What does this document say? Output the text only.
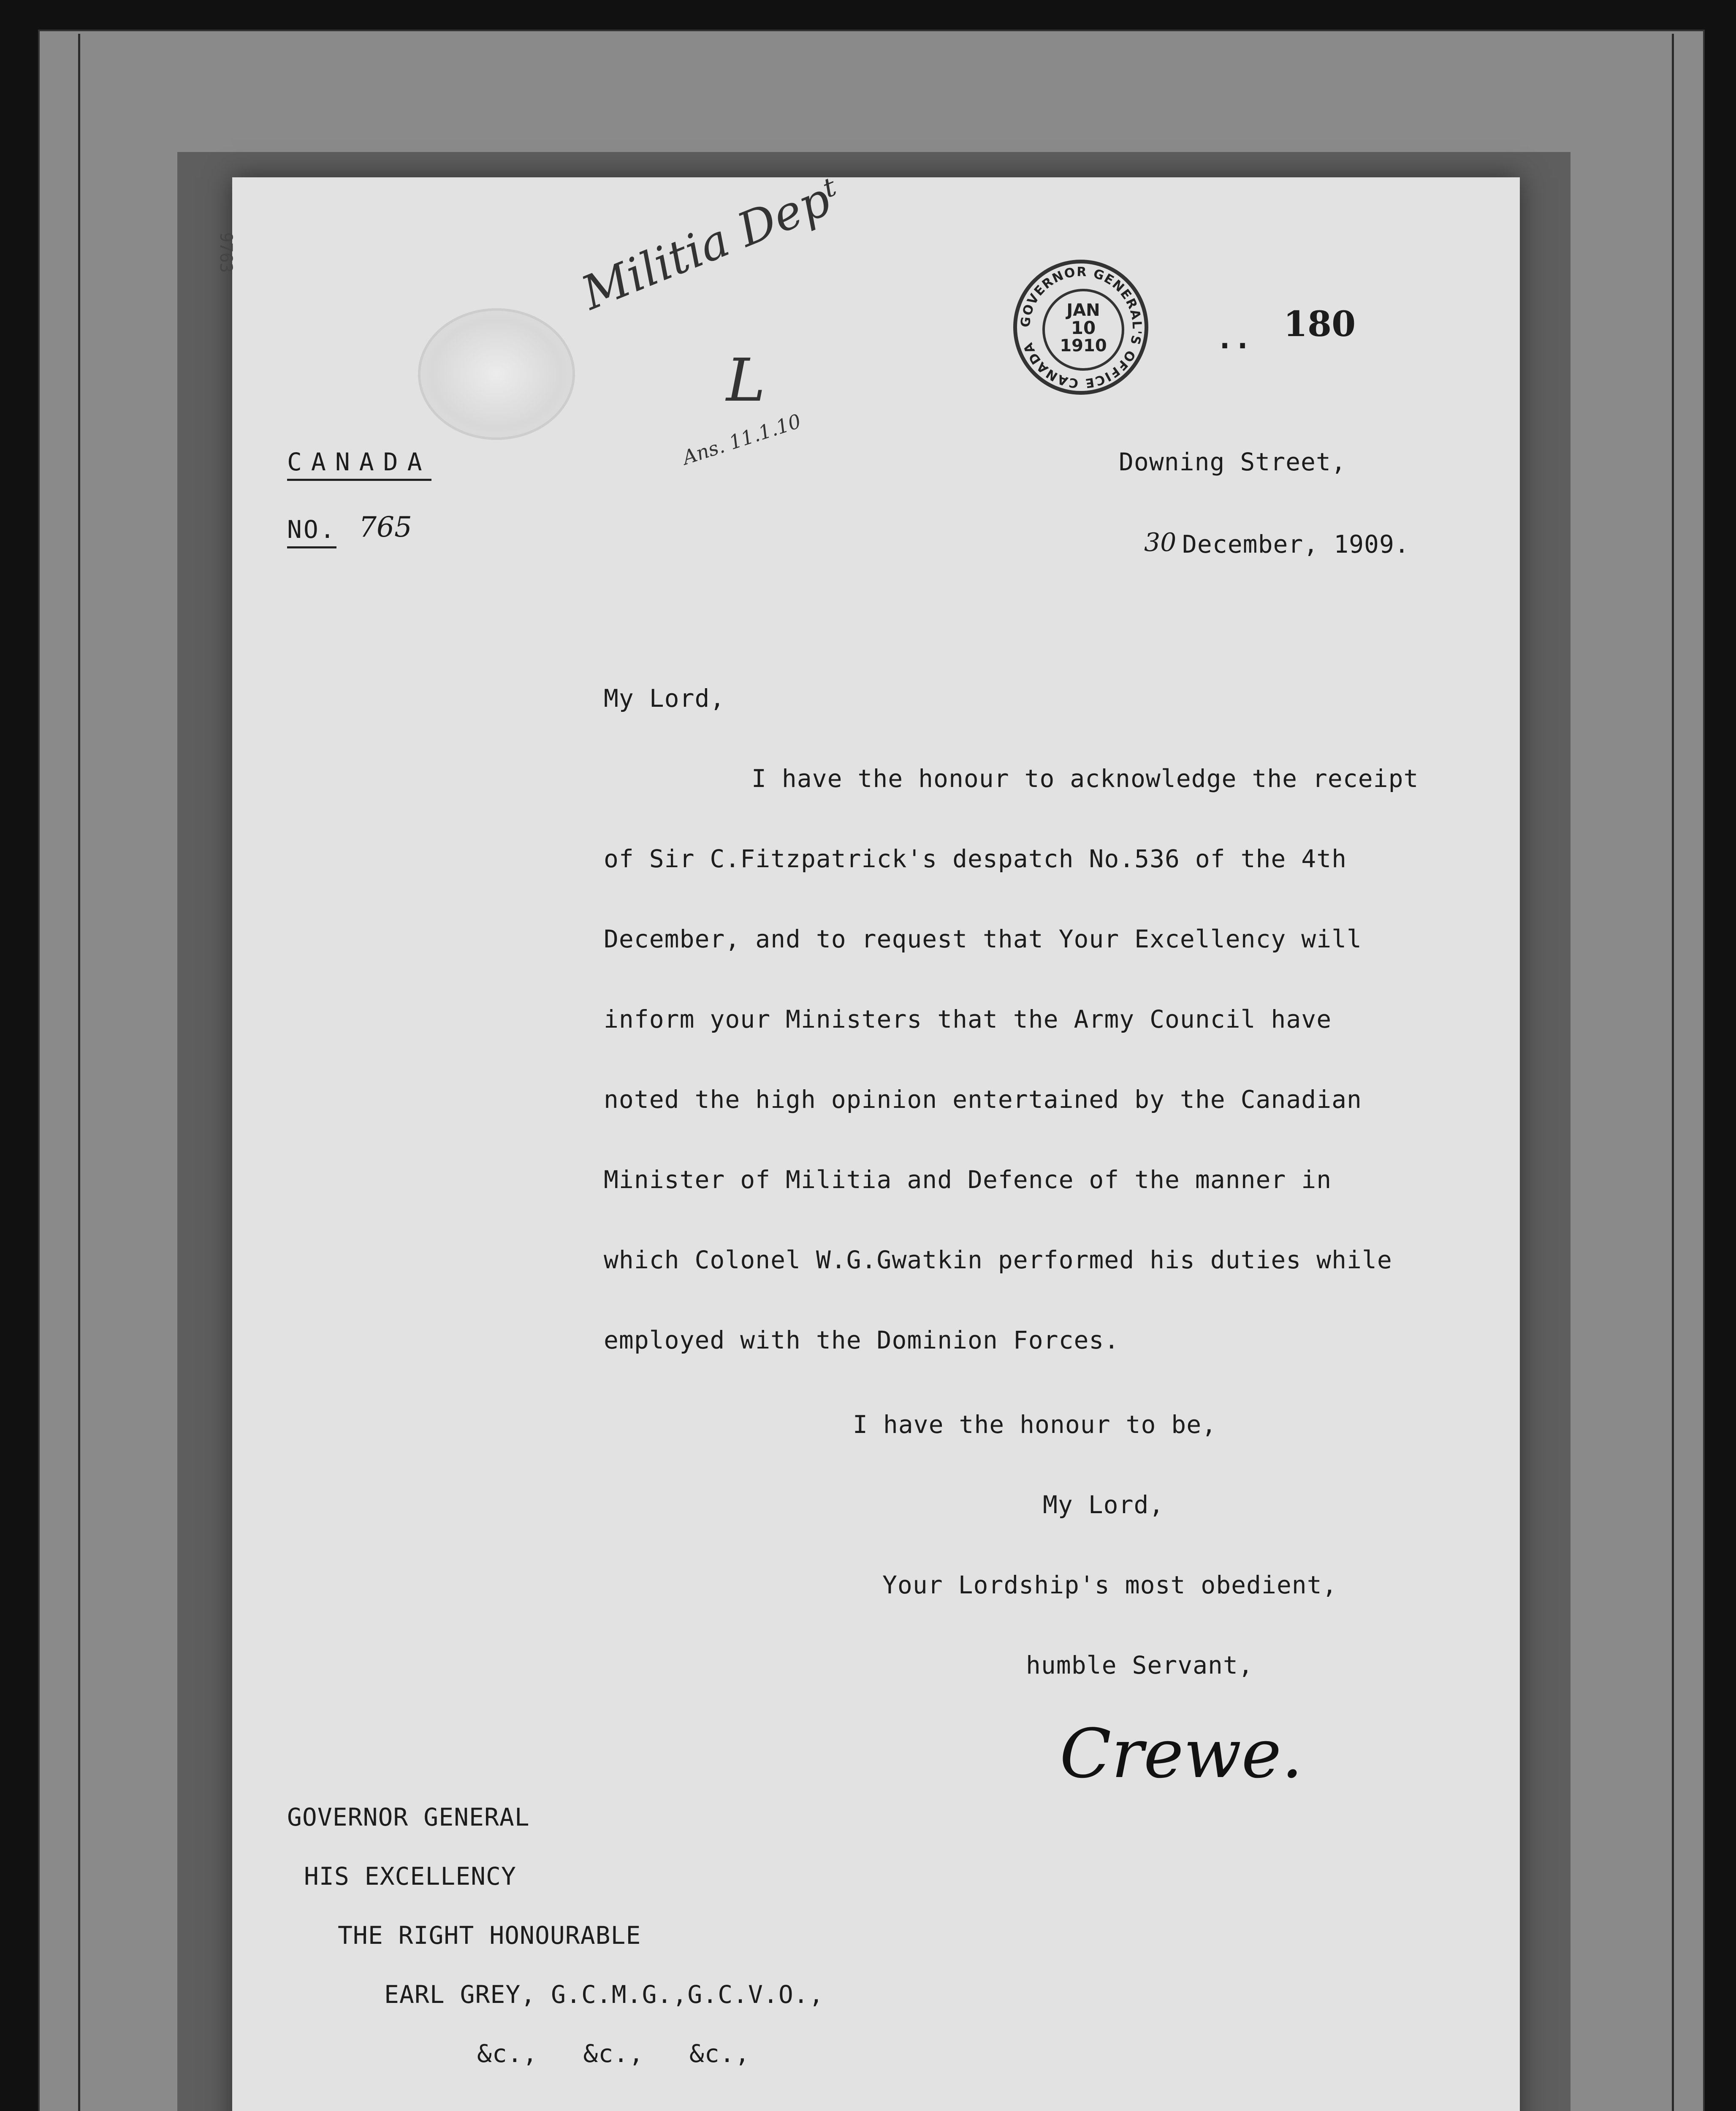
9763	Militia Depᵗ
L
Ans. 11.1.10
GOVERNOR GENERAL'S OFFICE CANADA
JAN
10
1910	.. 180
CANADA
NO. 765
Downing Street,
30 December, 1909.
My Lord,
I have the honour to acknowledge the receipt
of Sir C.Fitzpatrick's despatch No.536 of the 4th
December, and to request that Your Excellency will
inform your Ministers that the Army Council have
noted the high opinion entertained by the Canadian
Minister of Militia and Defence of the manner in
which Colonel W.G.Gwatkin performed his duties while
employed with the Dominion Forces.
I have the honour to be,
My Lord,
Your Lordship's most obedient,
humble Servant,
Crewe.
GOVERNOR GENERAL
HIS EXCELLENCY
THE RIGHT HONOURABLE
EARL GREY, G.C.M.G.,G.C.V.O.,
&c.,   &c.,   &c.,
